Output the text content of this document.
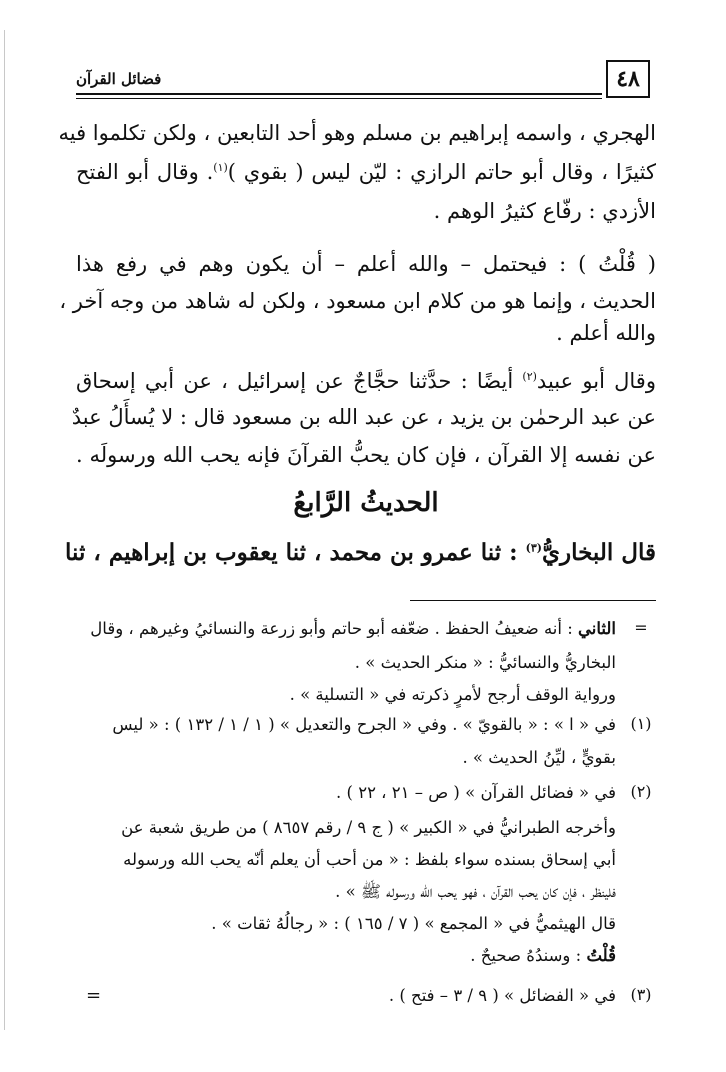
٤٨
فضائل القرآن
الهجري ، واسمه إبراهيم بن مسلم وهو أحد التابعين ، ولكن تكلموا فيه
كثيرًا ، وقال أبو حاتم الرازي : ليّن ليس ( بقوي )$^{(١)}$. وقال أبو الفتح
الأزدي : رفّاع كثيرُ الوهم .
( قُلْتُ ) : فيحتمل – والله أعلم – أن يكون وهم في رفع هذا
الحديث ، وإنما هو من كلام ابن مسعود ، ولكن له شاهد من وجه آخر ،
والله أعلم .
وقال أبو عبيد$^{(٢)}$ أيضًا : حدَّثنا حجَّاجٌ عن إسرائيل ، عن أبي إسحاق
عن عبد الرحمٰن بن يزيد ، عن عبد الله بن مسعود قال : لا يُسأَلُ عبدٌ
عن نفسه إلا القرآن ، فإن كان يحبُّ القرآنَ فإنه يحب الله ورسولَه .
الحديثُ الرَّابعُ
قال البخاريُّ$^{(٣)}$ : ثنا عمرو بن محمد ، ثنا يعقوب بن إبراهيم ، ثنا
=
الثاني : أنه ضعيفُ الحفظ . ضعّفه أبو حاتم وأبو زرعة والنسائيُ وغيرهم ، وقال
البخاريُّ والنسائيُّ : « منكر الحديث » .
ورواية الوقف أرجح لأمرٍ ذكرته في « التسلية » .
(١)
في « ا » : « بالقويّ » . وفي « الجرح والتعديل » ( ١ / ١ / ١٣٢ ) : « ليس
بقويٍّ ، ليِّنُ الحديث » .
(٢)
في « فضائل القرآن » ( ص – ٢١ ، ٢٢ ) .
وأخرجه الطبرانيُّ في « الكبير » ( ج ٩ / رقم ٨٦٥٧ ) من طريق شعبة عن
أبي إسحاق بسنده سواء بلفظ : « من أحب أن يعلم أنّه يحب الله ورسوله
فلينظر ، فإن كان يحب القرآن ، فهو يحب الله ورسوله ﷺ » .
قال الهيثميُّ في « المجمع » ( ٧ / ١٦٥ ) : « رجالُهُ ثقات » .
قُلْتُ : وسندُهُ صحيحٌ .
(٣)
في « الفضائل » ( ٩ / ٣ – فتح ) .
=
